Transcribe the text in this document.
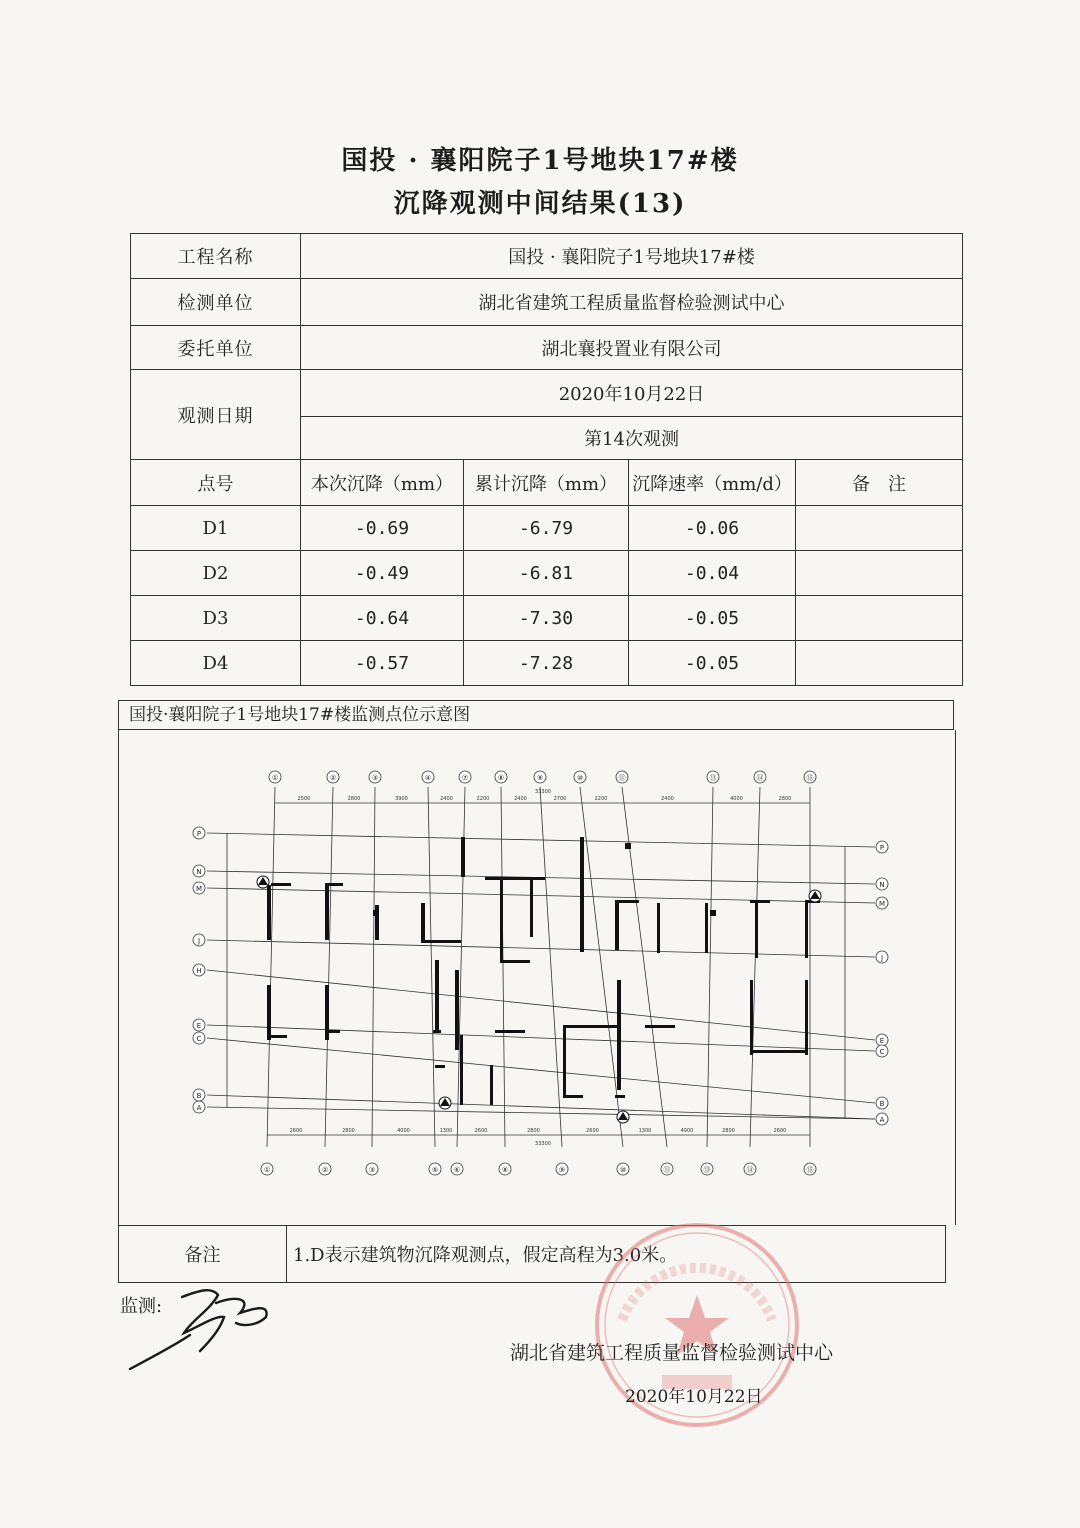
国投 · 襄阳院子1号地块17#楼
沉降观测中间结果(13)
工程名称	国投 · 襄阳院子1号地块17#楼			
检测单位	湖北省建筑工程质量监督检验测试中心			
委托单位	湖北襄投置业有限公司			
观测日期	2020年10月22日			
	第14次观测			
点号	本次沉降（mm）	累计沉降（mm）	沉降速率（mm/d）	备　注
D1	-0.69	-6.79	-0.06	
D2	-0.49	-6.81	-0.04	
D3	-0.64	-7.30	-0.05	
D4	-0.57	-7.28	-0.05	
国投·襄阳院子1号地块17#楼监测点位示意图
①	②	③	④	⑦	⑧	⑨	⑩	⑪	⑬	⑭	⑮
①	②	③	⑤ ⑥	⑧	⑨	⑩	⑪	⑬	⑭	⑮
P
N
M
J
H
E
C
B
A
P
N
M
J
E
C
B
A
2500	2800	3900	2400	2200	2400	2700	2200	2400	4000	2800
33300
2600	2800	4000	1300	2600	2800	2600	1300	4000	2800	2600
33300
备注	1.D表示建筑物沉降观测点，假定高程为3.0米。
监测:
湖北省建筑工程质量监督检验测试中心
2020年10月22日
